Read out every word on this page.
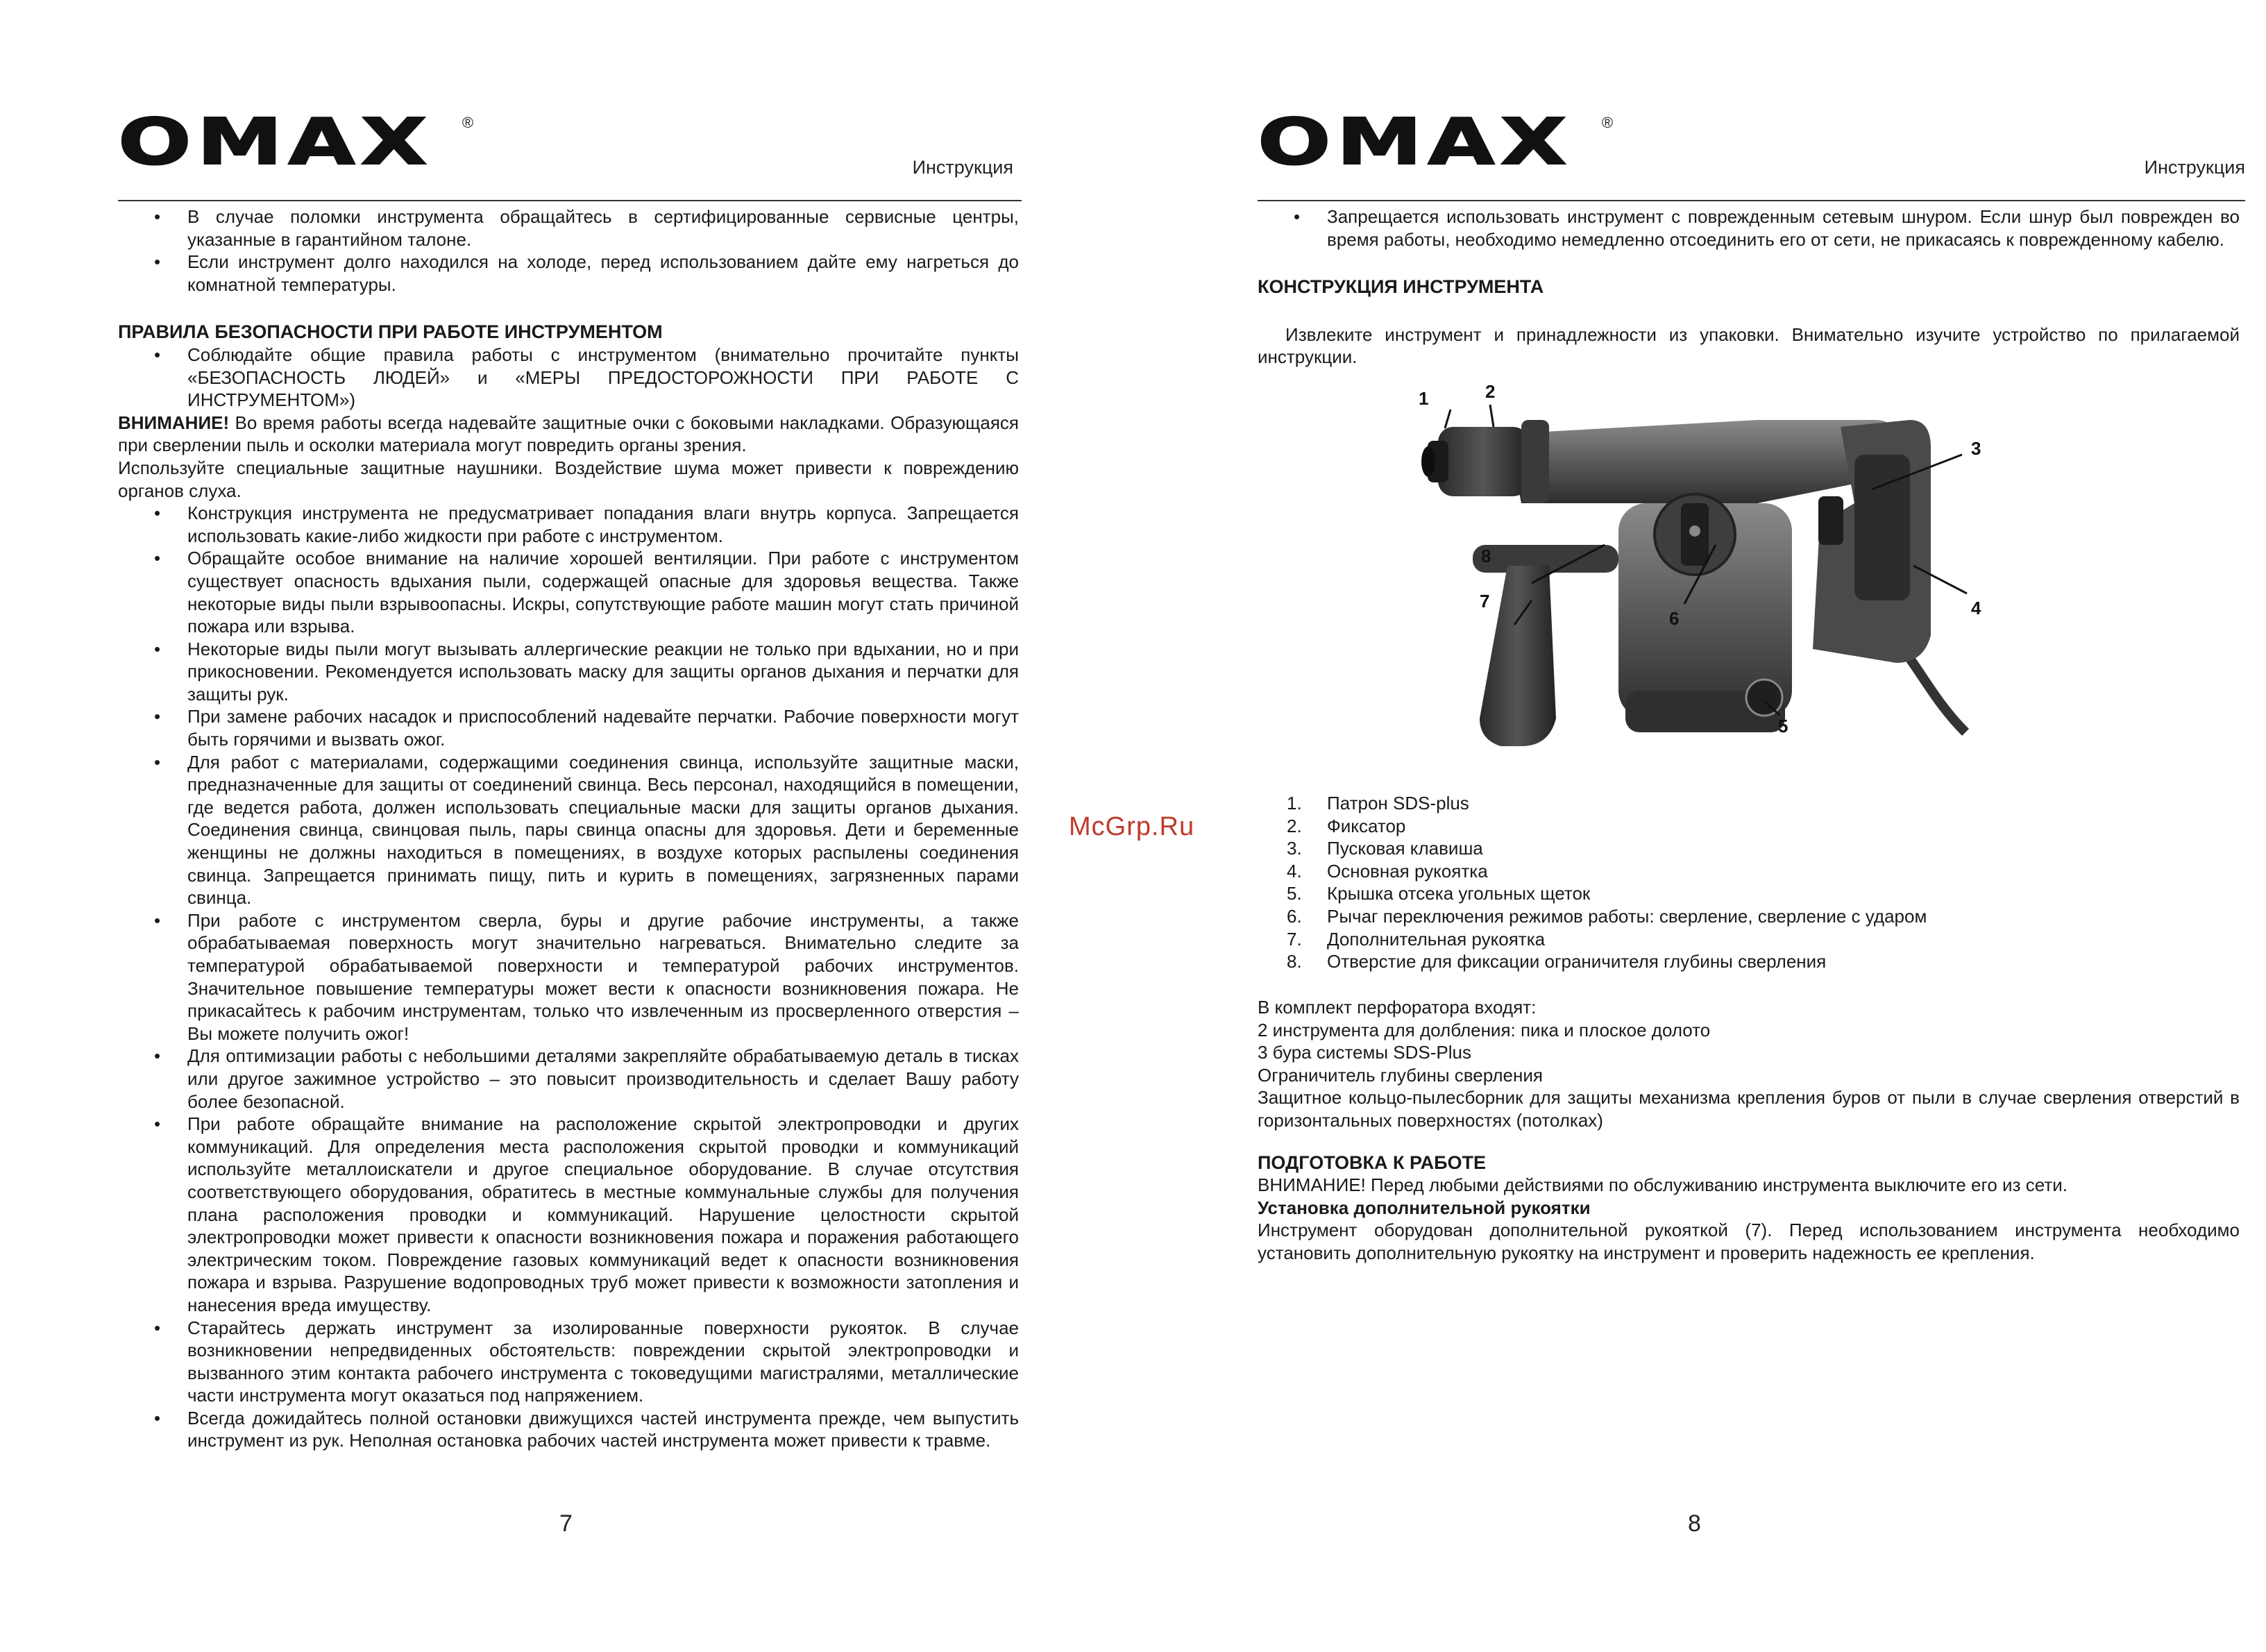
OMAX ®
Инструкция
• В случае поломки инструмента обращайтесь в сертифицированные сервисные центры, указанные в гарантийном талоне.
• Если инструмент долго находился на холоде, перед использованием дайте ему нагреться до комнатной температуры.

ПРАВИЛА БЕЗОПАСНОСТИ ПРИ РАБОТЕ ИНСТРУМЕНТОМ

• Соблюдайте общие правила работы с инструментом (внимательно прочитайте пункты «БЕЗОПАСНОСТЬ ЛЮДЕЙ» и «МЕРЫ ПРЕДОСТОРОЖНОСТИ ПРИ РАБОТЕ С ИНСТРУМЕНТОМ»)

ВНИМАНИЕ! Во время работы всегда надевайте защитные очки с боковыми накладками. Образующаяся при сверлении пыль и осколки материала могут повредить органы зрения.

Используйте специальные защитные наушники. Воздействие шума может привести к повреждению органов слуха.

• Конструкция инструмента не предусматривает попадания влаги внутрь корпуса. Запрещается использовать какие-либо жидкости при работе с инструментом.
• Обращайте особое внимание на наличие хорошей вентиляции. При работе с инструментом существует опасность вдыхания пыли, содержащей опасные для здоровья вещества. Также некоторые виды пыли взрывоопасны. Искры, сопутствующие работе машин могут стать причиной пожара или взрыва.
• Некоторые виды пыли могут вызывать аллергические реакции не только при вдыхании, но и при прикосновении. Рекомендуется использовать маску для защиты органов дыхания и перчатки для защиты рук.
• При замене рабочих насадок и приспособлений надевайте перчатки. Рабочие поверхности могут быть горячими и вызвать ожог.
• Для работ с материалами, содержащими соединения свинца, используйте защитные маски, предназначенные для защиты от соединений свинца. Весь персонал, находящийся в помещении, где ведется работа, должен использовать специальные маски для защиты органов дыхания. Соединения свинца, свинцовая пыль, пары свинца опасны для здоровья. Дети и беременные женщины не должны находиться в помещениях, в воздухе которых распылены соединения свинца. Запрещается принимать пищу, пить и курить в помещениях, загрязненных парами свинца.
• При работе с инструментом сверла, буры и другие рабочие инструменты, а также обрабатываемая поверхность могут значительно нагреваться. Внимательно следите за температурой обрабатываемой поверхности и температурой рабочих инструментов. Значительное повышение температуры может вести к опасности возникновения пожара. Не прикасайтесь к рабочим инструментам, только что извлеченным из просверленного отверстия – Вы можете получить ожог!
• Для оптимизации работы с небольшими деталями закрепляйте обрабатываемую деталь в тисках или другое зажимное устройство – это повысит производительность и сделает Вашу работу более безопасной.
• При работе обращайте внимание на расположение скрытой электропроводки и других коммуникаций. Для определения места расположения скрытой проводки и коммуникаций используйте металлоискатели и другое специальное оборудование. В случае отсутствия соответствующего оборудования, обратитесь в местные коммунальные службы для получения плана расположения проводки и коммуникаций. Нарушение целостности скрытой электропроводки может привести к опасности возникновения пожара и поражения работающего электрическим током. Повреждение газовых коммуникаций ведет к опасности возникновения пожара и взрыва. Разрушение водопроводных труб может привести к возможности затопления и нанесения вреда имуществу.
• Старайтесь держать инструмент за изолированные поверхности рукояток. В случае возникновении непредвиденных обстоятельств: повреждении скрытой электропроводки и вызванного этим контакта рабочего инструмента с токоведущими магистралями, металлические части инструмента могут оказаться под напряжением.
• Всегда дожидайтесь полной остановки движущихся частей инструмента прежде, чем выпустить инструмент из рук. Неполная остановка рабочих частей инструмента может привести к травме.
7
McGrp.Ru
OMAX ®
Инструкция
• Запрещается использовать инструмент с поврежденным сетевым шнуром. Если шнур был поврежден во время работы, необходимо немедленно отсоединить его от сети, не прикасаясь к поврежденному кабелю.

КОНСТРУКЦИЯ ИНСТРУМЕНТА

Извлеките инструмент и принадлежности из упаковки. Внимательно изучите устройство по прилагаемой инструкции.

1	2
3
4
5
6
7
8
1.	Патрон SDS-plus
2.	Фиксатор
3.	Пусковая клавиша
4.	Основная рукоятка
5.	Крышка отсека угольных щеток
6.	Рычаг переключения режимов работы: сверление, сверление с ударом
7.	Дополнительная рукоятка
8.	Отверстие для фиксации ограничителя глубины сверления

В комплект перфоратора входят:

2 инструмента для долбления: пика и плоское долото

3 бура системы SDS-Plus

Ограничитель глубины сверления

Защитное кольцо-пылесборник для защиты механизма крепления буров от пыли в случае сверления отверстий в горизонтальных поверхностях (потолках)

ПОДГОТОВКА К РАБОТЕ

ВНИМАНИЕ! Перед любыми действиями по обслуживанию инструмента выключите его из сети.

Установка дополнительной рукоятки

Инструмент оборудован дополнительной рукояткой (7). Перед использованием инструмента необходимо установить дополнительную рукоятку на инструмент и проверить надежность ее крепления.

8
